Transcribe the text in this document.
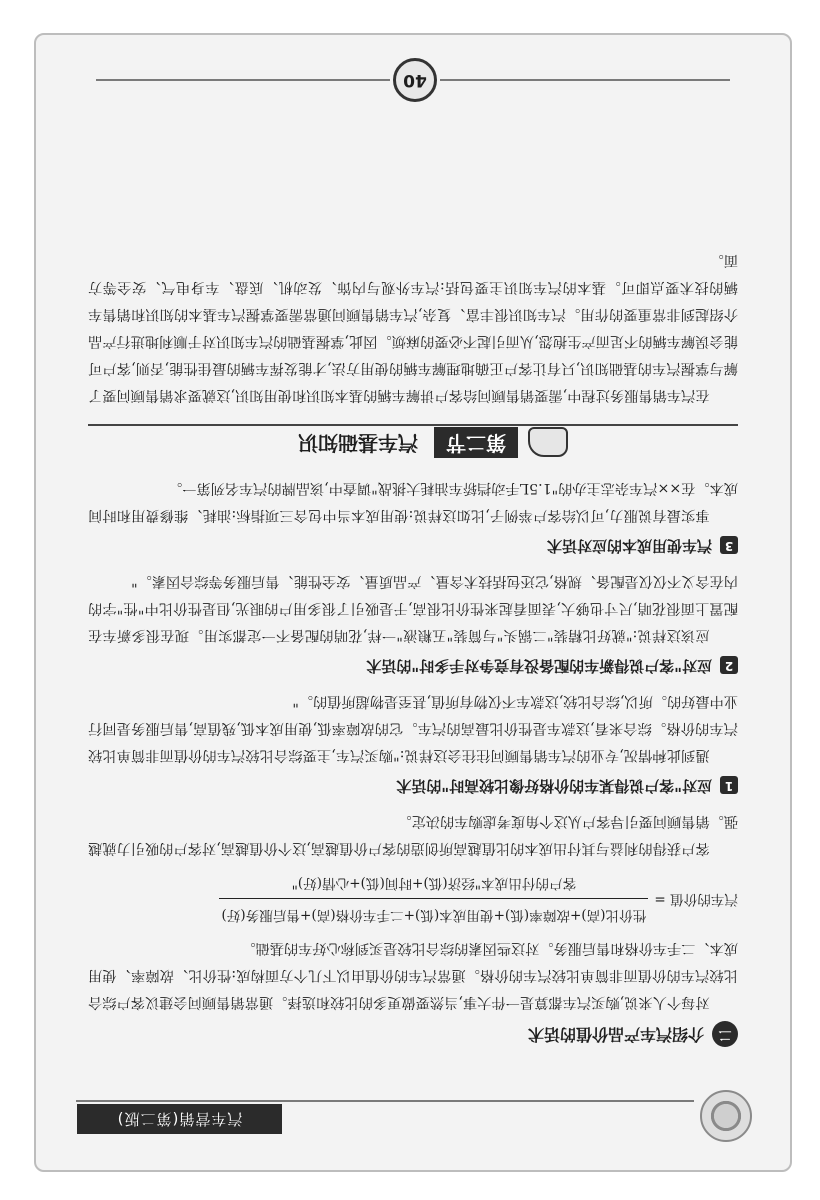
汽车营销(第二版)
二
介绍汽车产品价值的话术

对每个人来说,购买汽车都算是一件大事,当然要做更多的比较和选择。通常销售顾问会建议客户综合比较汽车的价值而非简单比较汽车的价格。通常汽车的价值由以下几个方面构成:性价比、故障率、使用成本、二手车价格和售后服务。对这些因素的综合比较是买到称心好车的基础。

汽车的价值 =
性价比(高)+故障率(低)+使用成本(低)+二手车价格(高)+售后服务(好)
客户的付出成本"经济(低)+时间(低)+心情(好)"

客户获得的利益与其付出成本的比值越高所创造的客户价值越高,这个价值越高,对客户的吸引力就越强。销售顾问要引导客户从这个角度考虑购车的决定。

1
应对"客户说得某车的价格好像比较高时"的话术

遇到此种情况,专业的汽车销售顾问往往会这样说:"购买汽车,主要综合比较汽车的价值而非简单比较汽车的价格。综合来看,这款车是性价比最高的汽车。它的故障率低,使用成本低,残值高,售后服务是同行业中最好的。所以,综合比较,这款车不仅物有所值,甚至是物超所值的。"

2
应对"客户说得新车的配备没有竞争对手多时"的话术

应该这样说:"就好比精装"二锅头"与简装"五粮液"一样,花哨的配备不一定都实用。现在很多新车在配置上面很花哨,尺寸也够大,表面看起来性价比很高,于是吸引了很多用户的眼光,但是性价比中"性"字的内在含义不仅仅是配备、规格,它还包括技术含量、产品质量、安全性能、售后服务等综合因素。"

3
汽车使用成本的应对话术

事实最有说服力,可以给客户举例子,比如这样说:使用成本当中包含三项指标:油耗、维修费用和时间成本。在××汽车杂志主办的"1.5L手动挡轿车油耗大挑战"调查中,该品牌的汽车名列第一。

第二节
汽车基础知识

在汽车销售服务过程中,需要销售顾问给客户讲解车辆的基本知识和使用知识,这就要求销售顾问要了解与掌握汽车的基础知识,只有让客户正确地理解车辆的使用方法,才能发挥车辆的最佳性能,否则,客户可能会误解车辆的不足而产生抱怨,从而引起不必要的麻烦。因此,掌握基础的汽车知识对于顺利地进行产品介绍起到非常重要的作用。汽车知识很丰富、复杂,汽车销售顾问通常需要掌握汽车基本的知识和销售车辆的技术要点即可。基本的汽车知识主要包括:汽车外观与内饰、发动机、底盘、车身电气、安全等方面。

40
